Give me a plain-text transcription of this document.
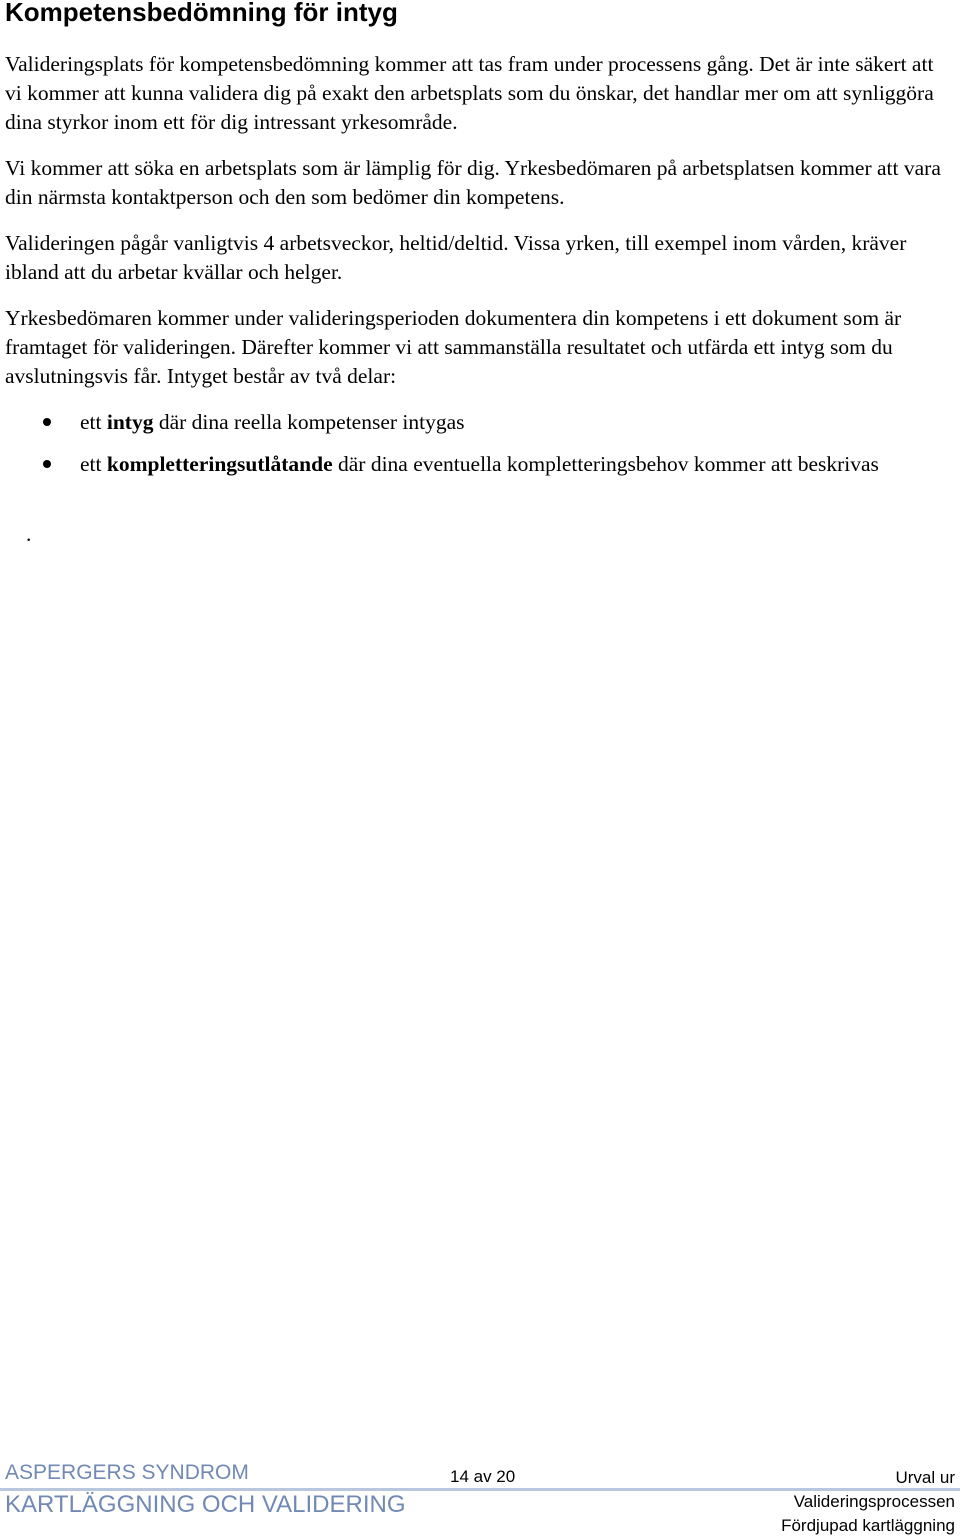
Kompetensbedömning för intyg

Valideringsplats för kompetensbedömning kommer att tas fram under processens gång. Det är inte säkert att vi kommer att kunna validera dig på exakt den arbetsplats som du önskar, det handlar mer om att synliggöra dina styrkor inom ett för dig intressant yrkesområde.

Vi kommer att söka en arbetsplats som är lämplig för dig. Yrkesbedömaren på arbetsplatsen kommer att vara din närmsta kontaktperson och den som bedömer din kompetens.

Valideringen pågår vanligtvis 4 arbetsveckor, heltid/deltid. Vissa yrken, till exempel inom vården, kräver ibland att du arbetar kvällar och helger.

Yrkesbedömaren kommer under valideringsperioden dokumentera din kompetens i ett dokument som är framtaget för valideringen. Därefter kommer vi att sammanställa resultatet och utfärda ett intyg som du avslutningsvis får. Intyget består av två delar:

ett intyg där dina reella kompetenser intygas
ett kompletteringsutlåtande där dina eventuella kompletteringsbehov kommer att beskrivas
.
ASPERGERS SYNDROM
KARTLÄGGNING OCH VALIDERING
14 av 20	Urval ur
Valideringsprocessen
Fördjupad kartläggning
